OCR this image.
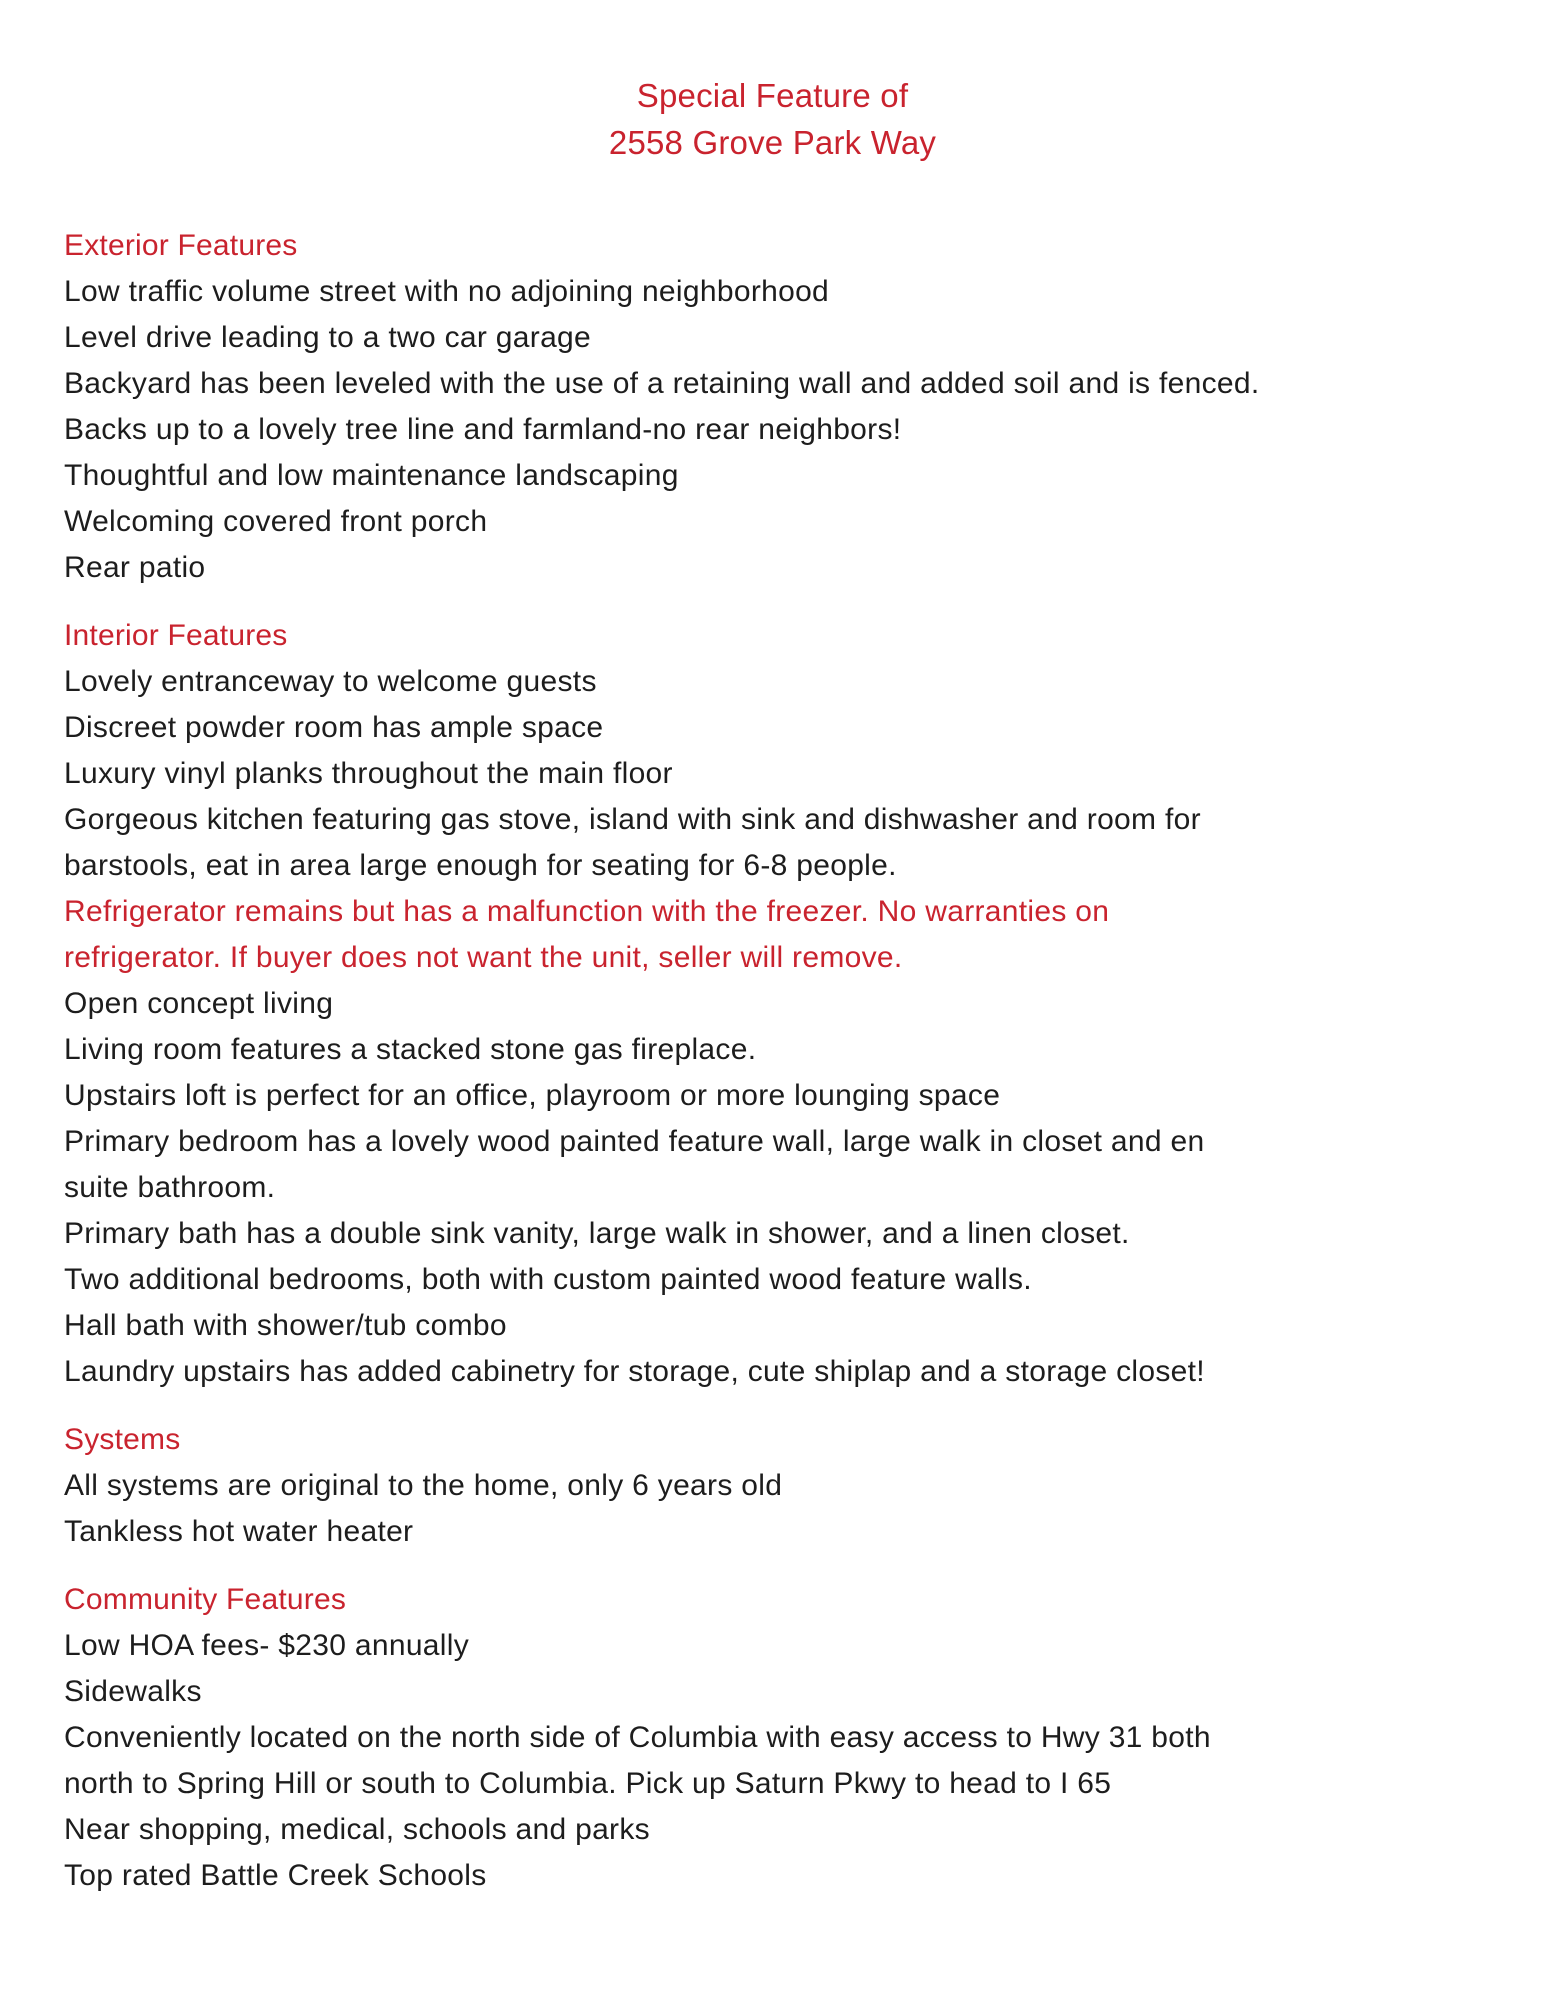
Special Feature of
2558 Grove Park Way
Exterior Features
Low traffic volume street with no adjoining neighborhood
Level drive leading to a two car garage
Backyard has been leveled with the use of a retaining wall and added soil and is fenced.
Backs up to a lovely tree line and farmland-no rear neighbors!
Thoughtful and low maintenance landscaping
Welcoming covered front porch
Rear patio
Interior Features
Lovely entranceway to welcome guests
Discreet powder room has ample space
Luxury vinyl planks throughout the main floor
Gorgeous kitchen featuring gas stove, island with sink and dishwasher and room for
barstools, eat in area large enough for seating for 6-8 people.
Refrigerator remains but has a malfunction with the freezer. No warranties on
refrigerator. If buyer does not want the unit, seller will remove.
Open concept living
Living room features a stacked stone gas fireplace.
Upstairs loft is perfect for an office, playroom or more lounging space
Primary bedroom has a lovely wood painted feature wall, large walk in closet and en
suite bathroom.
Primary bath has a double sink vanity, large walk in shower, and a linen closet.
Two additional bedrooms, both with custom painted wood feature walls.
Hall bath with shower/tub combo
Laundry upstairs has added cabinetry for storage, cute shiplap and a storage closet!
Systems
All systems are original to the home, only 6 years old
Tankless hot water heater
Community Features
Low HOA fees- $230 annually
Sidewalks
Conveniently located on the north side of Columbia with easy access to Hwy 31 both
north to Spring Hill or south to Columbia. Pick up Saturn Pkwy to head to I 65
Near shopping, medical, schools and parks
Top rated Battle Creek Schools
